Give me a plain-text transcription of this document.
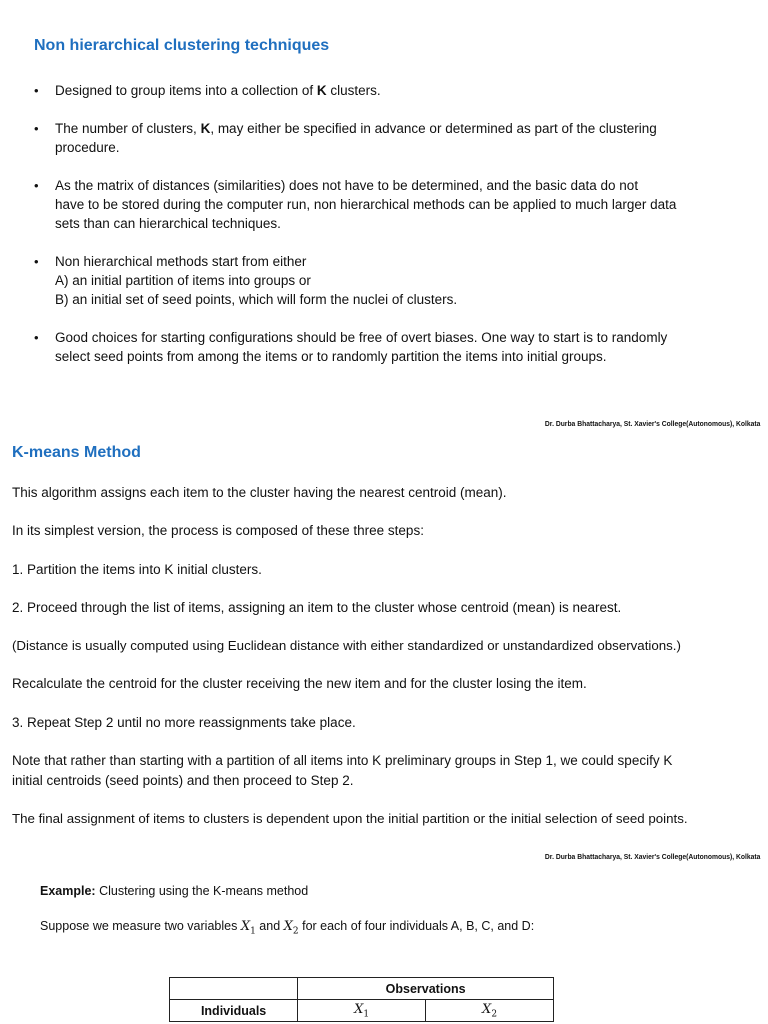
Non hierarchical clustering techniques
• Designed to group items into a collection of K clusters.
• The number of clusters, K, may either be specified in advance or determined as part of the clustering
procedure.
• As the matrix of distances (similarities) does not have to be determined, and the basic data do not
have to be stored during the computer run, non hierarchical methods can be applied to much larger data
sets than can hierarchical techniques.
• Non hierarchical methods start from either
A) an initial partition of items into groups or
B) an initial set of seed points, which will form the nuclei of clusters.
• Good choices for starting configurations should be free of overt biases. One way to start is to randomly
select seed points from among the items or to randomly partition the items into initial groups.
Dr. Durba Bhattacharya, St. Xavier's College(Autonomous), Kolkata
K-means Method

This algorithm assigns each item to the cluster having the nearest centroid (mean).

In its simplest version, the process is composed of these three steps:

1. Partition the items into K initial clusters.

2. Proceed through the list of items, assigning an item to the cluster whose centroid (mean) is nearest.

(Distance is usually computed using Euclidean distance with either standardized or unstandardized observations.)

Recalculate the centroid for the cluster receiving the new item and for the cluster losing the item.

3. Repeat Step 2 until no more reassignments take place.

Note that rather than starting with a partition of all items into K preliminary groups in Step 1, we could specify K
initial centroids (seed points) and then proceed to Step 2.

The final assignment of items to clusters is dependent upon the initial partition or the initial selection of seed points.

Dr. Durba Bhattacharya, St. Xavier's College(Autonomous), Kolkata
Example: Clustering using the K-means method
Suppose we measure two variables $X_1$ and $X_2$ for each of four individuals A, B, C, and D:
	Observations	
Individuals	$X_1$	$X_2$
